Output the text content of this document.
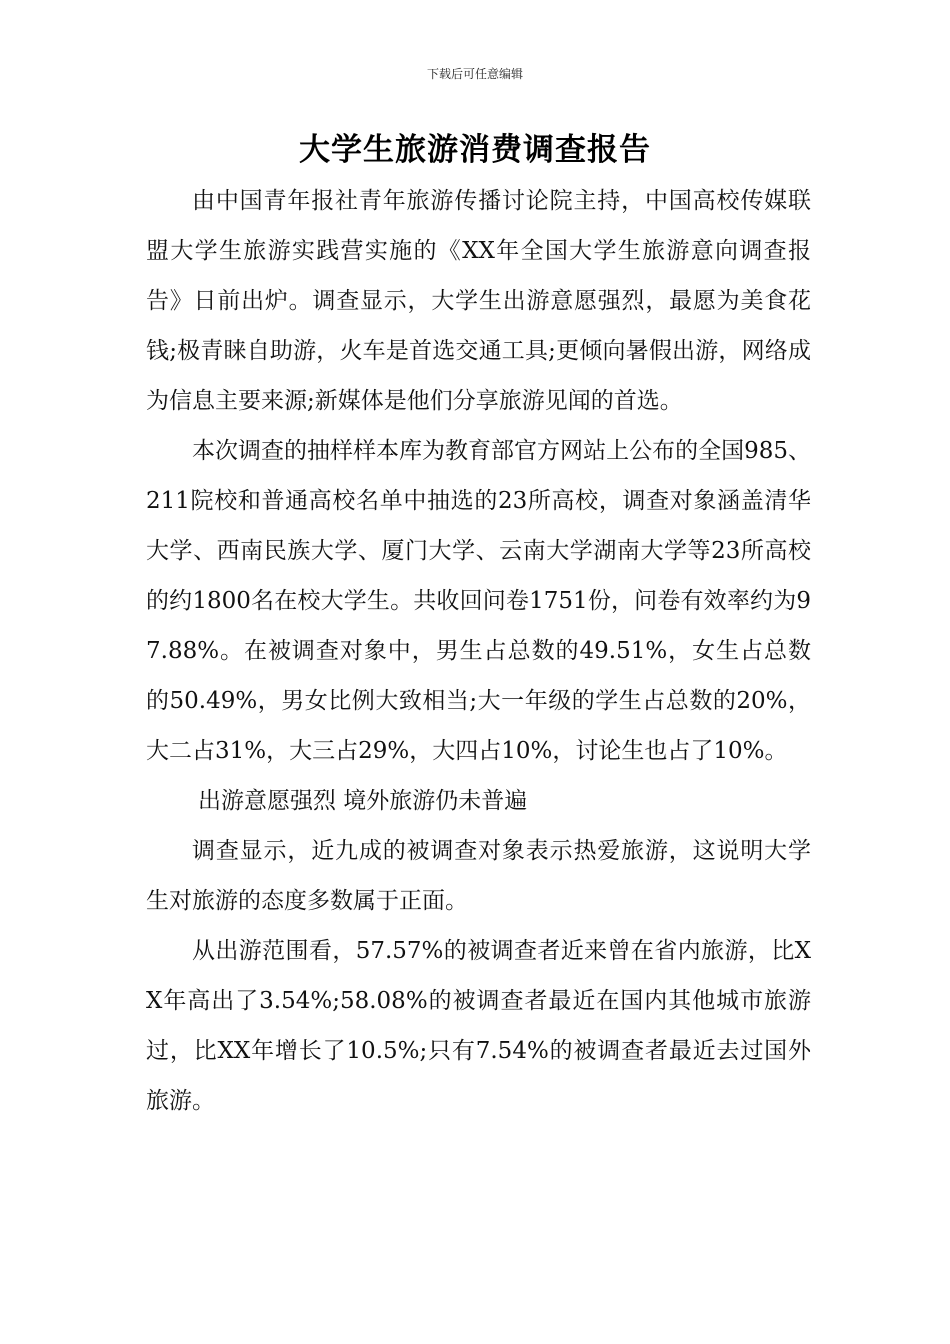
下载后可任意编辑
大学生旅游消费调查报告

由中国青年报社青年旅游传播讨论院主持，中国高校传媒联盟大学生旅游实践营实施的《XX年全国大学生旅游意向调查报告》日前出炉。调查显示，大学生出游意愿强烈，最愿为美食花钱;极青睐自助游，火车是首选交通工具;更倾向暑假出游，网络成为信息主要来源;新媒体是他们分享旅游见闻的首选。

本次调查的抽样样本库为教育部官方网站上公布的全国985、211院校和普通高校名单中抽选的23所高校，调查对象涵盖清华大学、西南民族大学、厦门大学、云南大学湖南大学等23所高校的约1800名在校大学生。共收回问卷1751份，问卷有效率约为97.88%。在被调查对象中，男生占总数的49.51%，女生占总数的50.49%，男女比例大致相当;大一年级的学生占总数的20%，大二占31%，大三占29%，大四占10%，讨论生也占了10%。

出游意愿强烈 境外旅游仍未普遍

调查显示，近九成的被调查对象表示热爱旅游，这说明大学生对旅游的态度多数属于正面。

从出游范围看，57.57%的被调查者近来曾在省内旅游，比XX年高出了3.54%;58.08%的被调查者最近在国内其他城市旅游过，比XX年增长了10.5%;只有7.54%的被调查者最近去过国外旅游。
